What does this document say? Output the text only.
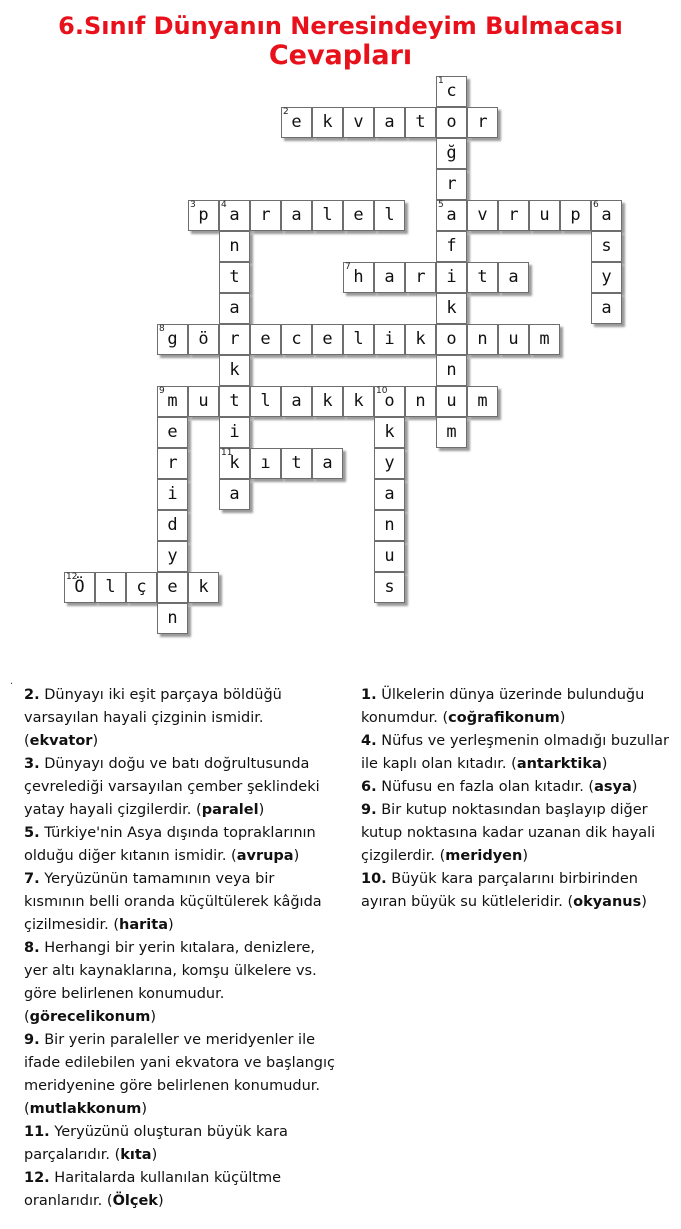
6.Sınıf Dünyanın Neresindeyim Bulmacası
Cevapları
1 c
2 e	k	v	a	t	o	r
ğ
r
3 p	4 a	r	a	l	e	l	5 a	v	r	u	p	6 a
n	f	s
t	7 h	a	r	i	t	a	y
a	k	a
8 g	ö	r	e	c	e	l	i	k	o	n	u	m
k	n
9 m	u	t	l	a	k	k	10
o	n	u	m
e	i	k	m
r	11
k	ı	t	a	y
i	a	a
d	n
y	u
12
Ö	l	ç	e	k	s
n
.

2. Dünyayı iki eşit parçaya böldüğü varsayılan hayali çizginin ismidir. (ekvator)

3. Dünyayı doğu ve batı doğrultusunda çevrelediği varsayılan çember şeklindeki yatay hayali çizgilerdir. (paralel)

5. Türkiye'nin Asya dışında topraklarının olduğu diğer kıtanın ismidir. (avrupa)

7. Yeryüzünün tamamının veya bir kısmının belli oranda küçültülerek kâğıda çizilmesidir. (harita)

8. Herhangi bir yerin kıtalara, denizlere, yer altı kaynaklarına, komşu ülkelere vs. göre belirlenen konumudur. (görecelikonum)

9. Bir yerin paraleller ve meridyenler ile ifade edilebilen yani ekvatora ve başlangıç meridyenine göre belirlenen konumudur. (mutlakkonum)

11. Yeryüzünü oluşturan büyük kara parçalarıdır. (kıta)

12. Haritalarda kullanılan küçültme oranlarıdır. (Ölçek)

1. Ülkelerin dünya üzerinde bulunduğu konumdur. (coğrafikonum)

4. Nüfus ve yerleşmenin olmadığı buzullar ile kaplı olan kıtadır. (antarktika)

6. Nüfusu en fazla olan kıtadır. (asya)

9. Bir kutup noktasından başlayıp diğer kutup noktasına kadar uzanan dik hayali çizgilerdir. (meridyen)

10. Büyük kara parçalarını birbirinden ayıran büyük su kütleleridir. (okyanus)
